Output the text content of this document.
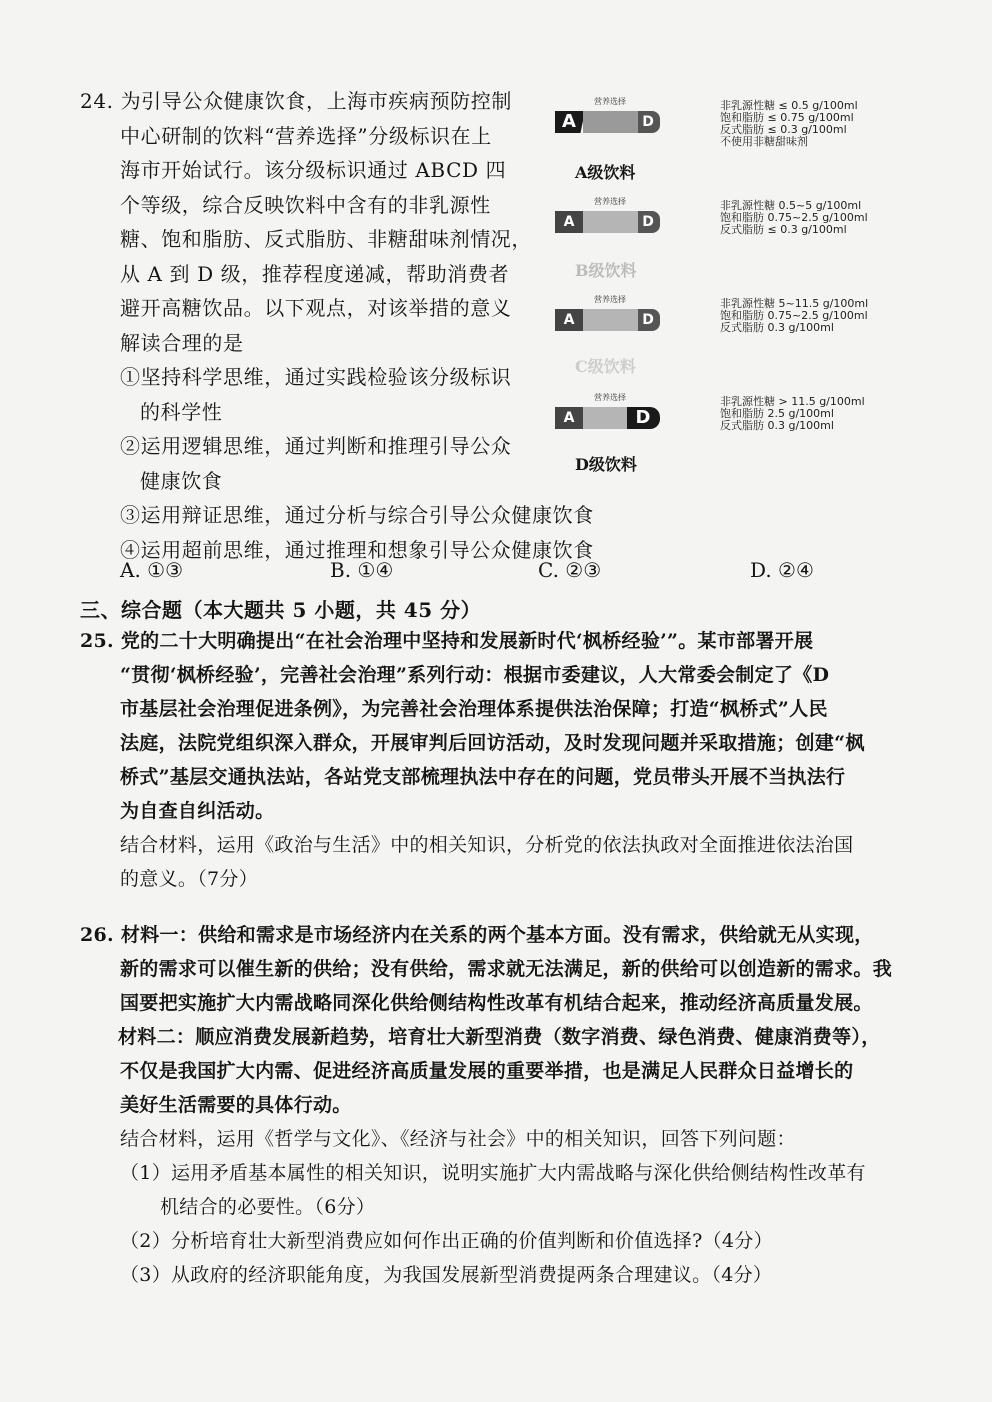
24. 为引导公众健康饮食，上海市疾病预防控制
中心研制的饮料“营养选择”分级标识在上
海市开始试行。该分级标识通过 ABCD 四
个等级，综合反映饮料中含有的非乳源性
糖、饱和脂肪、反式脂肪、非糖甜味剂情况，
从 A 到 D 级，推荐程度递减，帮助消费者
避开高糖饮品。以下观点，对该举措的意义
解读合理的是
①坚持科学思维，通过实践检验该分级标识
的科学性
②运用逻辑思维，通过判断和推理引导公众
健康饮食
③运用辩证思维，通过分析与综合引导公众健康饮食
④运用超前思维，通过推理和想象引导公众健康饮食
A. ①③	B. ①④	C. ②③	D. ②④
营养选择
A	D
非乳源性糖 ≤ 0.5 g/100ml
饱和脂肪 ≤ 0.75 g/100ml
反式脂肪 ≤ 0.3 g/100ml
不使用非糖甜味剂
A级饮料
营养选择
A	D
非乳源性糖 0.5~5 g/100ml
饱和脂肪 0.75~2.5 g/100ml
反式脂肪 ≤ 0.3 g/100ml
B级饮料
营养选择
A	D
非乳源性糖 5~11.5 g/100ml
饱和脂肪 0.75~2.5 g/100ml
反式脂肪 0.3 g/100ml
C级饮料
营养选择
A	D
非乳源性糖 > 11.5 g/100ml
饱和脂肪 2.5 g/100ml
反式脂肪 0.3 g/100ml
D级饮料
三、综合题（本大题共 5 小题，共 45 分）
25. 党的二十大明确提出“在社会治理中坚持和发展新时代‘枫桥经验’”。某市部署开展
“贯彻‘枫桥经验’，完善社会治理”系列行动：根据市委建议，人大常委会制定了《D
市基层社会治理促进条例》，为完善社会治理体系提供法治保障；打造“枫桥式”人民
法庭，法院党组织深入群众，开展审判后回访活动，及时发现问题并采取措施；创建“枫
桥式”基层交通执法站，各站党支部梳理执法中存在的问题，党员带头开展不当执法行
为自查自纠活动。
结合材料，运用《政治与生活》中的相关知识，分析党的依法执政对全面推进依法治国
的意义。（7分）
26. 材料一：供给和需求是市场经济内在关系的两个基本方面。没有需求，供给就无从实现，
新的需求可以催生新的供给；没有供给，需求就无法满足，新的供给可以创造新的需求。我
国要把实施扩大内需战略同深化供给侧结构性改革有机结合起来，推动经济高质量发展。
材料二：顺应消费发展新趋势，培育壮大新型消费（数字消费、绿色消费、健康消费等），
不仅是我国扩大内需、促进经济高质量发展的重要举措，也是满足人民群众日益增长的
美好生活需要的具体行动。
结合材料，运用《哲学与文化》、《经济与社会》中的相关知识，回答下列问题：
（1）运用矛盾基本属性的相关知识，说明实施扩大内需战略与深化供给侧结构性改革有
机结合的必要性。（6分）
（2）分析培育壮大新型消费应如何作出正确的价值判断和价值选择?（4分）
（3）从政府的经济职能角度，为我国发展新型消费提两条合理建议。（4分）
